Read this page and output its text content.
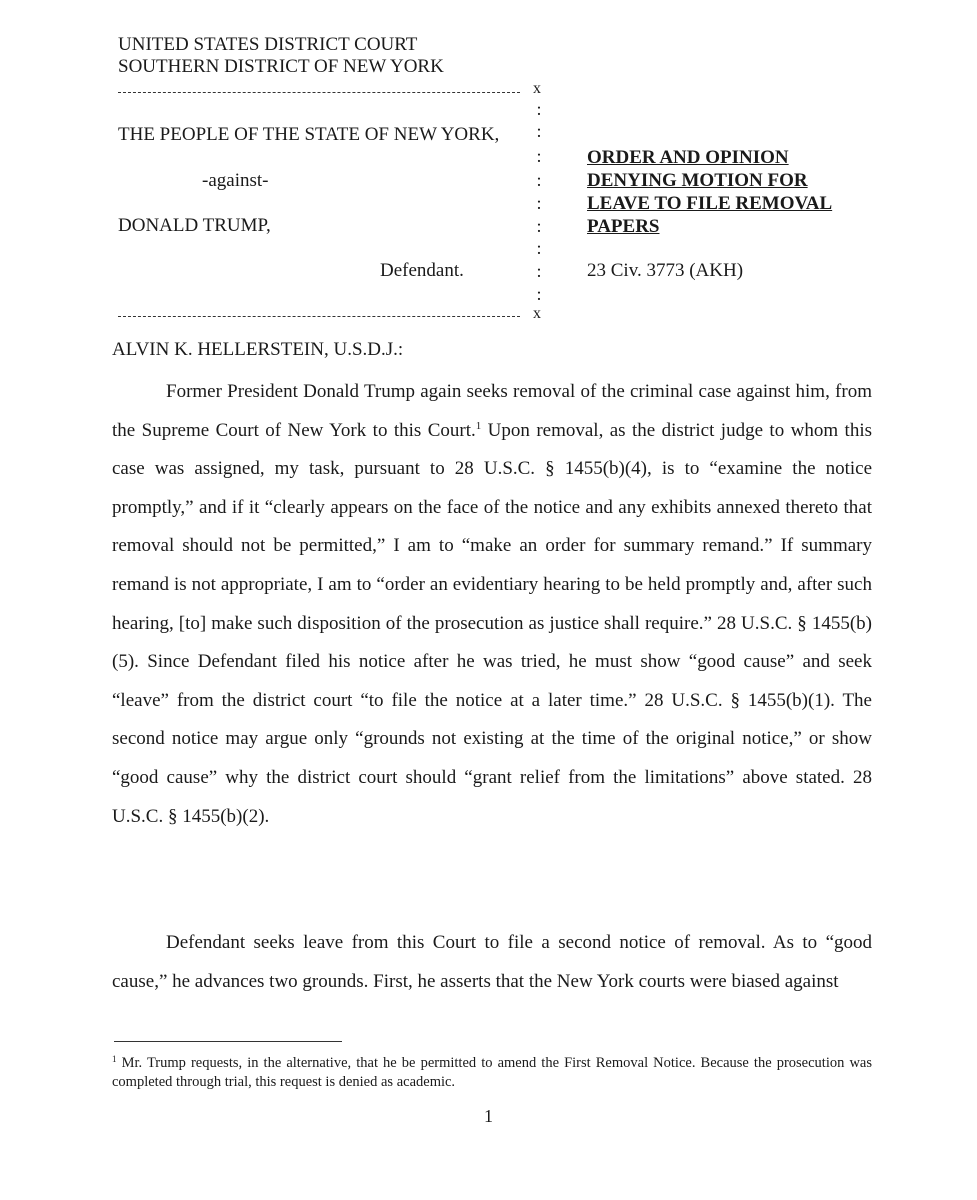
UNITED STATES DISTRICT COURT
SOUTHERN DISTRICT OF NEW YORK
x
:
:
:
:
:
:
:
:
:
THE PEOPLE OF THE STATE OF NEW YORK,
-against-
DONALD TRUMP,
Defendant.
x
ORDER AND OPINION
DENYING MOTION FOR
LEAVE TO FILE REMOVAL
PAPERS
23 Civ. 3773 (AKH)
ALVIN K. HELLERSTEIN, U.S.D.J.:

Former President Donald Trump again seeks removal of the criminal case against him, from the Supreme Court of New York to this Court.$^1$ Upon removal, as the district judge to whom this case was assigned, my task, pursuant to 28 U.S.C. § 1455(b)(4), is to “examine the notice promptly,” and if it “clearly appears on the face of the notice and any exhibits annexed thereto that removal should not be permitted,” I am to “make an order for summary remand.” If summary remand is not appropriate, I am to “order an evidentiary hearing to be held promptly and, after such hearing, [to] make such disposition of the prosecution as justice shall require.” 28 U.S.C. § 1455(b)(5). Since Defendant filed his notice after he was tried, he must show “good cause” and seek “leave” from the district court “to file the notice at a later time.” 28 U.S.C. § 1455(b)(1). The second notice may argue only “grounds not existing at the time of the original notice,” or show “good cause” why the district court should “grant relief from the limitations” above stated. 28 U.S.C. § 1455(b)(2).

Defendant seeks leave from this Court to file a second notice of removal. As to “good cause,” he advances two grounds. First, he asserts that the New York courts were biased against

$^1$ Mr. Trump requests, in the alternative, that he be permitted to amend the First Removal Notice. Because the prosecution was completed through trial, this request is denied as academic.
1
